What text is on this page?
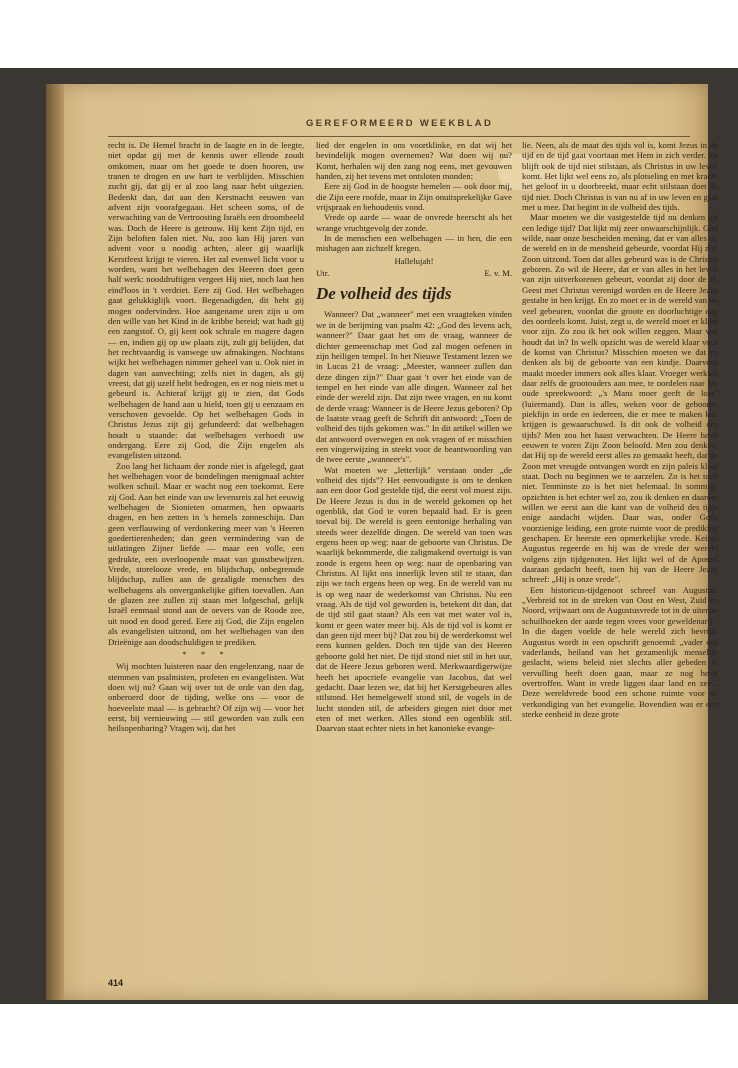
GEREFORMEERD WEEKBLAD

recht is. De Hemel bracht in de laagte en in de leegte, niet opdat gij met de kennis uwer ellende zoudt omkomen, maar om het goede te doen hooren, uw tranen te drogen en uw hart te verblijden. Misschien zucht gij, dat gij er al zoo lang naar hebt uitgezien. Bedenkt dan, dat aan den Kerstnacht eeuwen van advent zijn voorafgegaan. Het scheen soms, of de verwachting van de Vertroosting Israëls een droombeeld was. Doch de Heere is getrouw. Hij kent Zijn tijd, en Zijn beloften falen niet. Nu, zoo kan Hij jaren van advent voor u noodig achten, aleer gij waarlijk Kerstfeest krijgt te vieren. Het zal evenwel licht voor u worden, want het welbehagen des Heeren doet geen half werk: nooddruftigen vergeet Hij niet, noch laat hen eind'loos in 't verdriet. Eere zij God. Het welbehagen gaat gelukkiglijk voort. Begenadigden, dit hebt gij mogen ondervinden. Hoe aangename uren zijn u om den wille van het Kind in de kribbe bereid; wat hadt gij een zangstof. O, gij kent ook schrale en magere dagen — en, indien gij op uw plaats zijt, zult gij belijden, dat het rechtvaardig is vanwege uw afmakingen. Nochtans wijkt het welbehagen nimmer geheel van u. Ook niet in dagen van aanvechting; zelfs niet in dagen, als gij vreest, dat gij uzelf hebt bedrogen, en er nog niets met u gebeurd is. Achteraf krijgt gij te zien, dat Gods welbehagen de hand aan u hield, toen gij u eenzaam en verschoven gevoelde. Op het welbehagen Gods in Christus Jezus zijt gij gefundeerd: dat welbehagen houdt u staande: dat welbehagen verhoedt uw ondergang. Eere zij God, die Zijn engelen als evangelisten uitzond.

Zoo lang het lichaam der zonde niet is afgelegd, gaat het welbehagen voor de bondelingen menigmaal achter wolken schuil. Maar er wacht nog een toekomst. Eere zij God. Aan het einde van uw levensreis zal het eeuwig welbehagen de Sionieten omarmen, hen opwaarts dragen, en hen zetten in 's hemels zonneschijn. Dan geen verflauwing of verdonkering meer van 's Heeren goedertierenheden; dan geen vermindering van de uitlatingen Zijner liefde — maar een volle, een gedrukte, een overloopende maat van gunstbewijzen. Vrede, storelooze vrede, en blijdschap, onbegrensde blijdschap, zullen aan de gezaligde menschen des welbehagens als onvergankelijke giften toevallen. Aan de glazen zee zullen zij staan met lofgeschal, gelijk Israël eenmaal stond aan de oevers van de Roode zee, uit nood en dood gered. Eere zij God, die Zijn engelen als evangelisten uitzond, om het welbehagen van den Drieënige aan doodschuldigen te prediken.

* * *

Wij mochten luisteren naar den engelenzang, naar de stemmen van psalmisten, profeten en evangelisten. Wat doen wij nu? Gaan wij over tot de orde van den dag, onberoerd door de tijding, welke ons — voor de hoeveelste maal — is gebracht? Of zijn wij — voor het eerst, bij vernieuwing — stil geworden van zulk een heilsopenbaring? Vragen wij, dat het

lied der engelen in ons voortklinke, en dat wij het bevindelijk mogen overnemen? Wat doen wij nu? Komt, herhalen wij den zang nog eens, met gevouwen handen, zij het tevens met ontsloten monden:

Eere zij God in de hoogste hemelen — ook door mij, die Zijn eere roofde, maar in Zijn onuitsprekelijke Gave vrijspraak en behoudenis vond.

Vrede op aarde — waar de onvrede heerscht als het wrange vruchtgevolg der zonde.

In de menschen een welbehagen — in hen, die een mishagen aan zichzelf kregen.

Hallelujah!
Utr.	E. v. M.
De volheid des tijds

Wanneer? Dat „wanneer" met een vraagteken vinden we in de berijming van psalm 42: „God des levens ach, wanneer?" Daar gaat het om de vraag, wanneer de dichter gemeenschap met God zal mogen oefenen in zijn heiligen tempel. In het Nieuwe Testament lezen we in Lucas 21 de vraag: „Meester, wanneer zullen dan deze dingen zijn?" Daar gaat 't over het einde van de tempel en het einde van alle dingen. Wanneer zal het einde der wereld zijn. Dat zijn twee vragen, en nu komt de derde vraag: Wanneer is de Heere Jezus geboren? Op de laatste vraag geeft de Schrift dit antwoord: „Toen de volheid des tijds gekomen was." In dit artikel willen we dat antwoord overwegen en ook vragen of er misschien een vingerwijzing in steekt voor de beantwoording van de twee eerste „wanneer's".

Wat moeten we „letterlijk" verstaan onder „de volheid des tijds"? Het eenvoudigste is om te denken aan een door God gestelde tijd, die eerst vol moest zijn. De Heere Jezus is dus in de wereld gekomen op het ogenblik, dat God te voren bepaald had. Er is geen toeval bij. De wereld is geen eentonige herhaling van steeds weer dezelfde dingen. De wereld van toen was ergens heen op weg: naar de geboorte van Christus. De waarlijk bekommerde, die zaligmakend overtuigt is van zonde is ergens heen op weg: naar de openbaring van Christus. Al lijkt ons innerlijk leven stil te staan, dan zijn we toch ergens heen op weg. En de wereld van nu is op weg naar de wederkomst van Christus. Nu een vraag. Als de tijd vol geworden is, betekent dit dan, dat de tijd stil gaat staan? Als een vat met water vol is, komt er geen water meer bij. Als de tijd vol is komt er dan geen tijd meer bij? Dat zou bij de werderkomst wel eens kunnen gelden. Doch ten tijde van des Heeren geboorte gold het niet. De tijd stond niet stil in het uur, dat de Heere Jezus geboren werd. Merkwaardigerwijze heeft het apocriefe evangelie van Jacobus, dat wel gedacht. Daar lezen we, dat bij het Kerstgebeuren alles stilstond. Het hemelgewelf stond stil, de vogels in de lucht stonden stil, de arbeiders gingen niet door met eten of met werken. Alles stond een ogenblik stil. Daarvan staat echter niets in het kanonieke evange-

lie. Neen, als de maat des tijds vol is, komt Jezus in de tijd en de tijd gaat voortaan met Hem in zich verder. Zo blijft ook de tijd niet stilstaan, als Christus in uw leven komt. Het lijkt wel eens zo, als plotseling en met kracht het geloof in u doorbreekt, maar echt stilstaan doet de tijd niet. Doch Christus is van nu af in uw leven en gaat met u mee. Dat begint in de volheid des tijds.

Maar moeten we die vastgestelde tijd nu denken als een ledige tijd? Dat lijkt mij zeer onwaarschijnlijk. God wilde, naar onze bescheiden mening, dat er van alles op de wereld en in de mensheid gebeurde, voordat Hij zijn Zoon uitzond. Toen dat alles gebeurd was is de Christus geboren. Zo wil de Heere, dat er van alles in het leven van zijn uitverkorenen gebeurt, voordat zij door de H. Geest met Christus verenigd worden en de Heere Jezus gestalte in hen krijgt. En zo moet er in de wereld van nu veel gebeuren, voordat die groote en doorluchtige dag des oordeels komt. Juist, zegt u, de wereld moet er klaar voor zijn. Zo zou ik het ook willen zeggen. Maar wat houdt dat in? In welk opzicht was de wereld klaar voor de komst van Christus? Misschien moeten we dat zo denken als bij de geboorte van een kindje. Daarvoor maakt moeder immers ook alles klaar. Vroeger werkten daar zelfs de grootouders aan mee, te oordelen naar het oude spreekwoord: „'s Mans moer geeft de loer" (luiermand). Dan is alles, weken voor de geboorte, piekfijn in orde en iedereen, die er mee te maken kan krijgen is gewaarschuwd. Is dit ook de volheid des tijds? Men zou het haast verwachten. De Heere heeft eeuwen te voren Zijn Zoon beloofd. Men zou denken, dat Hij op de wereld eerst alles zo gemaakt heeft, dat de Zoon met vreugde ontvangen wordt en zijn paleis klaar staat. Doch nu beginnen we te aarzelen. Zo is het toch niet. Tenminste zo is het niet helemaal. In sommige opzichten is het echter wel zo, zou ik denken en daarom willen we eerst aan die kant van de volheid des tijds enige aandacht wijden. Daar was, onder Gods voorzienige leiding, een grote ruimte voor de prediking geschapen. Er heerste een opmerkelijke vrede. Keizer Augustus regeerde en hij was de vrede der wereld volgens zijn tijdgenoten. Het lijkt wel of de Apostel daaraan gedacht heeft, toen hij van de Heere Jezus schreef: „Hij is onze vrede".

Een historicus-tijdgenoot schreef van Augustus: „Verbreid tot in de streken van Oost en West, Zuid en Noord, vrijwaart ons de Augustusvrede tot in de uiterste schuilhoeken der aarde tegen vrees voor geweldenarij." In die dagen voelde de hele wereld zich bevrijd. Augustus wordt in een opschrift genoemd: „vader des vaderlands, heiland van het gezamenlijk menselijk geslacht, wiens beleid niet slechts aller gebeden in vervulling heeft doen gaan, maar ze nog heeft overtroffen. Want in vrede liggen daar land en zee... Deze wereldvrede bood een schone ruimte voor de verkondiging van het evangelie. Bovendien was er een sterke eenheid in deze grote

414
